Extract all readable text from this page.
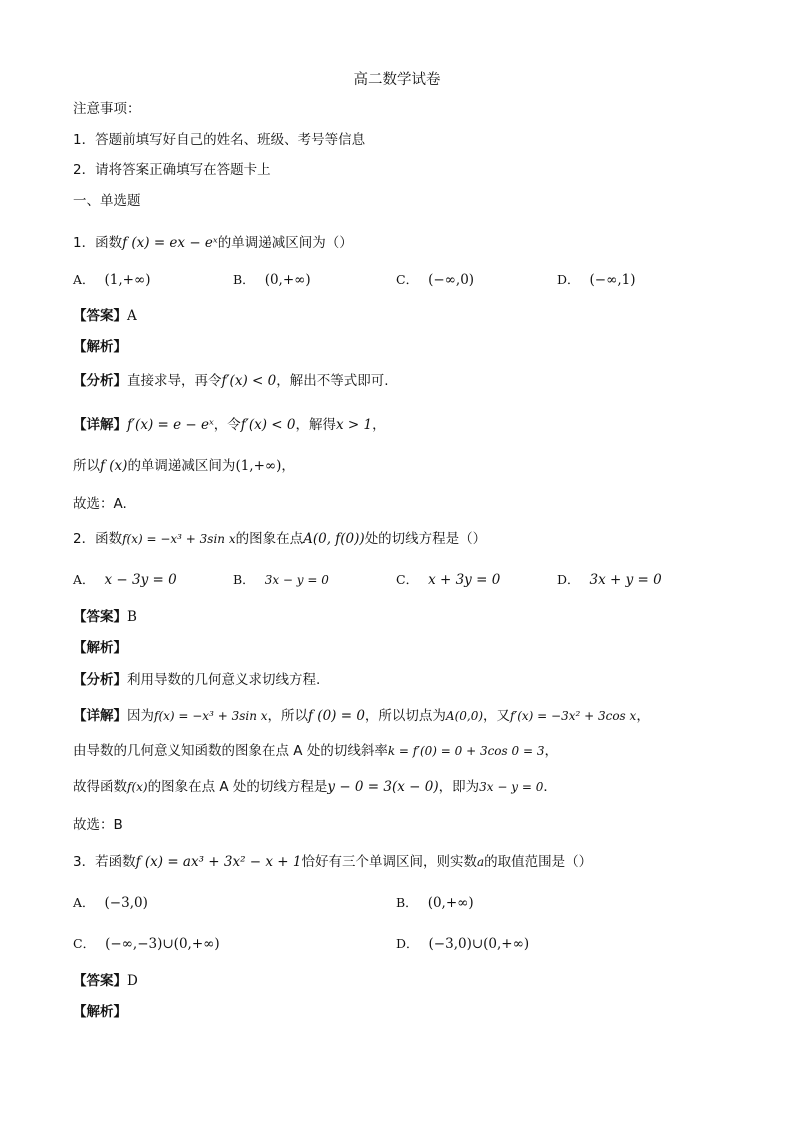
高二数学试卷
注意事项：
1．答题前填写好自己的姓名、班级、考号等信息
2．请将答案正确填写在答题卡上
一、单选题
1．函数f (x) = ex − eˣ的单调递减区间为（）
A． (1,+∞)	B． (0,+∞)	C． (−∞,0)	D． (−∞,1)
【答案】A
【解析】
【分析】直接求导，再令f′(x) < 0，解出不等式即可.
【详解】f′(x) = e − eˣ，令f′(x) < 0，解得x > 1，
所以f (x)的单调递减区间为(1,+∞)，
故选：A.
2．函数f(x) = −x³ + 3sin x的图象在点A(0, f(0))处的切线方程是（）
A． x − 3y = 0	B． 3x − y = 0	C． x + 3y = 0	D． 3x + y = 0
【答案】B
【解析】
【分析】利用导数的几何意义求切线方程.
【详解】因为f(x) = −x³ + 3sin x，所以f (0) = 0，所以切点为A(0,0)，又f′(x) = −3x² + 3cos x，
由导数的几何意义知函数的图象在点 A 处的切线斜率k = f′(0) = 0 + 3cos 0 = 3，
故得函数f(x)的图象在点 A 处的切线方程是y − 0 = 3(x − 0)，即为3x − y = 0．
故选：B
3．若函数f (x) = ax³ + 3x² − x + 1恰好有三个单调区间，则实数a的取值范围是（）
A． (−3,0)	B． (0,+∞)
C． (−∞,−3)∪(0,+∞)	D． (−3,0)∪(0,+∞)
【答案】D
【解析】
